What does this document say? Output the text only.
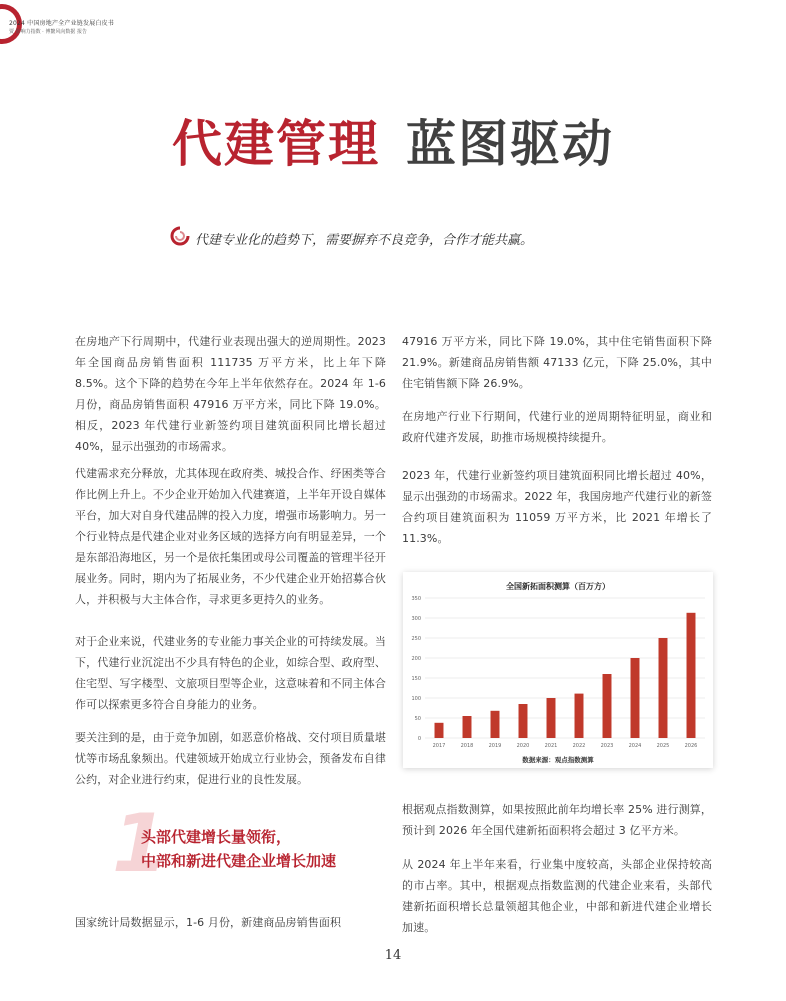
2024 中国房地产全产业链发展白皮书
贾 影响力指数 · 博鳌风向数据 报告
代建管理 蓝图驱动
代建专业化的趋势下，需要摒弃不良竞争，合作才能共赢。
在房地产下行周期中，代建行业表现出强大的逆周期性。2023 年全国商品房销售面积 111735 万平方米，比上年下降 8.5%。这个下降的趋势在今年上半年依然存在。2024 年 1-6 月份，商品房销售面积 47916 万平方米，同比下降 19.0%。相反，2023 年代建行业新签约项目建筑面积同比增长超过 40%，显示出强劲的市场需求。
代建需求充分释放，尤其体现在政府类、城投合作、纾困类等合作比例上升上。不少企业开始加入代建赛道，上半年开设自媒体平台，加大对自身代建品牌的投入力度，增强市场影响力。另一个行业特点是代建企业对业务区域的选择方向有明显差异，一个是东部沿海地区，另一个是依托集团或母公司覆盖的管理半径开展业务。同时，期内为了拓展业务，不少代建企业开始招募合伙人，并积极与大主体合作，寻求更多更持久的业务。
对于企业来说，代建业务的专业能力事关企业的可持续发展。当下，代建行业沉淀出不少具有特色的企业，如综合型、政府型、住宅型、写字楼型、文旅项目型等企业，这意味着和不同主体合作可以探索更多符合自身能力的业务。
要关注到的是，由于竞争加剧，如恶意价格战、交付项目质量堪忧等市场乱象频出。代建领域开始成立行业协会，预备发布自律公约，对企业进行约束，促进行业的良性发展。
1
头部代建增长量领衔，
中部和新进代建企业增长加速
国家统计局数据显示，1-6 月份，新建商品房销售面积
47916 万平方米，同比下降 19.0%，其中住宅销售面积下降 21.9%。新建商品房销售额 47133 亿元，下降 25.0%，其中住宅销售额下降 26.9%。
在房地产行业下行期间，代建行业的逆周期特征明显，商业和政府代建齐发展，助推市场规模持续提升。
2023 年，代建行业新签约项目建筑面积同比增长超过 40%，显示出强劲的市场需求。2022 年，我国房地产代建行业的新签合约项目建筑面积为 11059 万平方米，比 2021 年增长了 11.3%。
全国新拓面积测算（百万方）
0
50
100
150
200
250
300
350
2017	2018	2019	2020	2021	2022	2023	2024	2025	2026
数据来源：观点指数测算
根据观点指数测算，如果按照此前年均增长率 25% 进行测算，预计到 2026 年全国代建新拓面积将会超过 3 亿平方米。
从 2024 年上半年来看，行业集中度较高，头部企业保持较高的市占率。其中，根据观点指数监测的代建企业来看，头部代建新拓面积增长总量领超其他企业，中部和新进代建企业增长加速。
14
